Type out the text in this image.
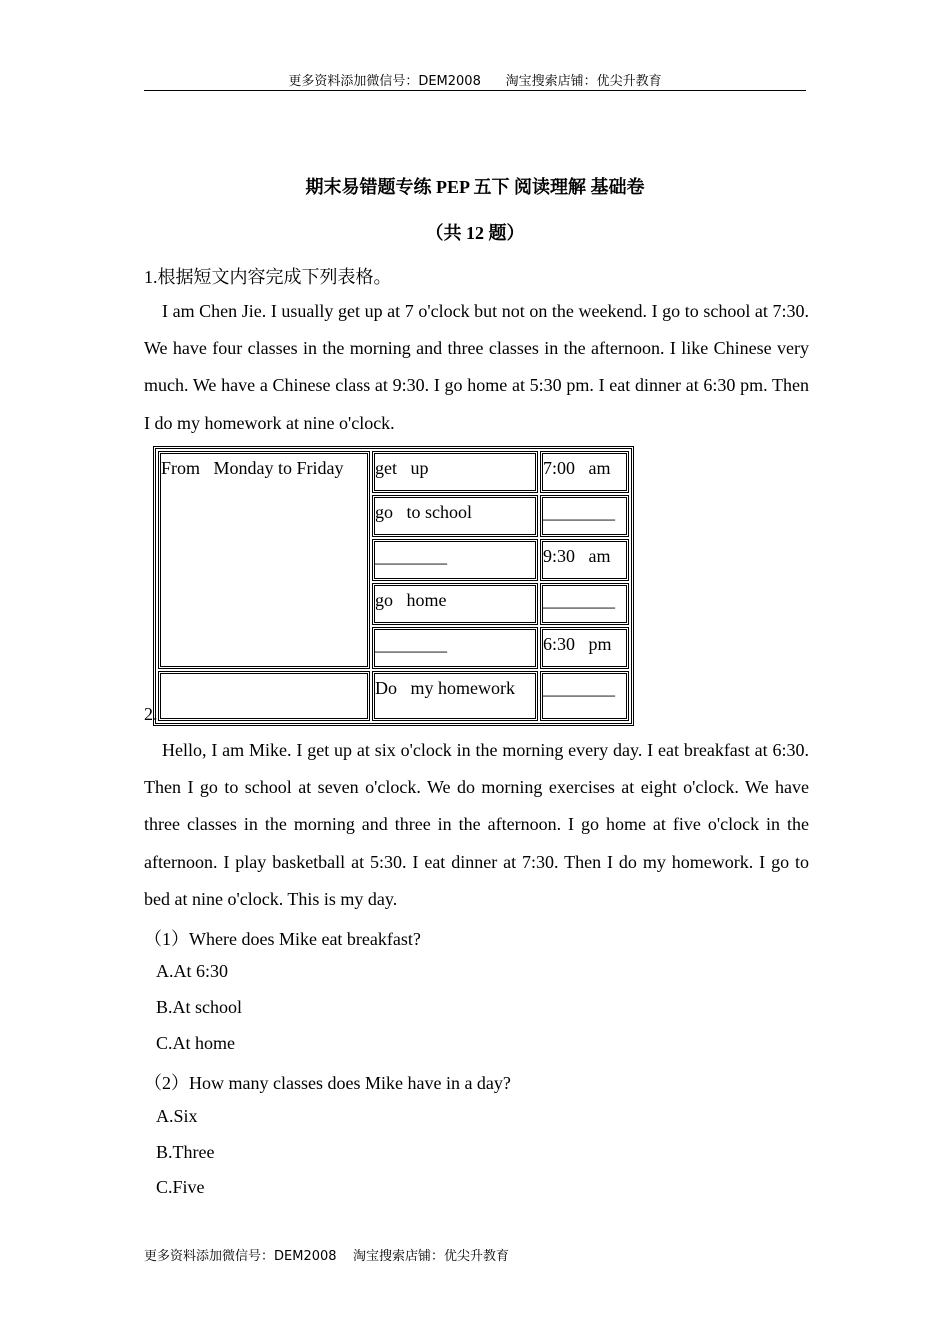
更多资料添加微信号：DEM2008      淘宝搜索店铺：优尖升教育
期末易错题专练 PEP 五下 阅读理解 基础卷
（共 12 题）
1.根据短文内容完成下列表格。
I am Chen Jie. I usually get up at 7 o'clock but not on the weekend. I go to school at 7:30. We have four classes in the morning and three classes in the afternoon. I like Chinese very much. We have a Chinese class at 9:30. I go home at 5:30 pm. I eat dinner at 6:30 pm. Then I do my homework at nine o'clock.
From   Monday to Friday	get   up	7:00   am
	go   to school	________
	________	9:30   am
	go   home	________
	________	6:30   pm
	Do   my homework	________
2.
Hello, I am Mike. I get up at six o'clock in the morning every day. I eat breakfast at 6:30. Then I go to school at seven o'clock. We do morning exercises at eight o'clock. We have three classes in the morning and three in the afternoon. I go home at five o'clock in the afternoon. I play basketball at 5:30. I eat dinner at 7:30. Then I do my homework. I go to bed at nine o'clock. This is my day.
（1）Where does Mike eat breakfast?
A.At 6:30
B.At school
C.At home
（2）How many classes does Mike have in a day?
A.Six
B.Three
C.Five
更多资料添加微信号：DEM2008    淘宝搜索店铺：优尖升教育
